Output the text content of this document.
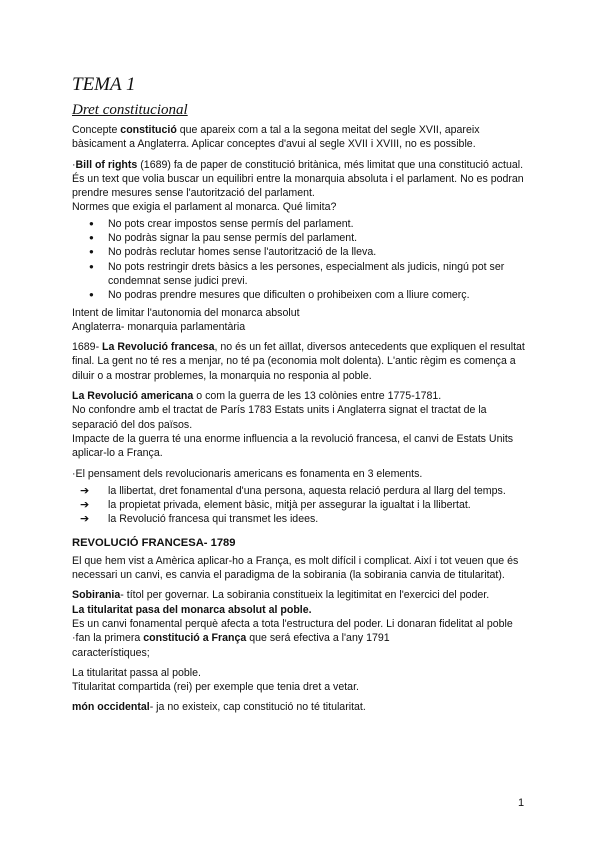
TEMA 1
Dret constitucional

Concepte constitució que apareix com a tal a la segona meitat del segle XVII, apareix bàsicament a Anglaterra. Aplicar conceptes d'avui al segle XVII i XVIII, no es possible.

·Bill of rights (1689) fa de paper de constitució britànica, més limitat que una constitució actual. És un text que volia buscar un equilibri entre la monarquia absoluta i el parlament. No es podran prendre mesures sense l'autorització del parlament.
Normes que exigia el parlament al monarca. Qué limita?

● No pots crear impostos sense permís del parlament.
● No podràs signar la pau sense permís del parlament.
● No podràs reclutar homes sense l'autorització de la lleva.
● No pots restringir drets bàsics a les persones, especialment als judicis, ningú pot ser condemnat sense judici previ.
● No podras prendre mesures que dificulten o prohibeixen com a lliure comerç.

Intent de limitar l'autonomia del monarca absolut
Anglaterra- monarquia parlamentària

1689- La Revolució francesa, no és un fet aïllat, diversos antecedents que expliquen el resultat final. La gent no té res a menjar, no té pa (economia molt dolenta). L'antic règim es comença a diluir o a mostrar problemes, la monarquia no responia al poble.

La Revolució americana o com la guerra de les 13 colònies entre 1775-1781.
No confondre amb el tractat de París 1783 Estats units i Anglaterra signat el tractat de la separació del dos països.
Impacte de la guerra té una enorme influencia a la revolució francesa, el canvi de Estats Units aplicar-lo a França.

·El pensament dels revolucionaris americans es fonamenta en 3 elements.

➔ la llibertat, dret fonamental d'una persona, aquesta relació perdura al llarg del temps.
➔ la propietat privada, element bàsic, mitjà per assegurar la igualtat i la llibertat.
➔ la Revolució francesa qui transmet les idees.
REVOLUCIÓ FRANCESA- 1789

El que hem vist a Amèrica aplicar-ho a França, es molt difícil i complicat. Així i tot veuen que és necessari un canvi, es canvia el paradigma de la sobirania (la sobirania canvia de titularitat).

Sobirania- títol per governar. La sobirania constitueix la legitimitat en l'exercici del poder.
La titularitat pasa del monarca absolut al poble.
Es un canvi fonamental perquè afecta a tota l'estructura del poder. Li donaran fidelitat al poble
·fan la primera constitució a França que será efectiva a l'any 1791
característiques;

La titularitat passa al poble.
Titularitat compartida (rei) per exemple que tenia dret a vetar.

món occidental- ja no existeix, cap constitució no té titularitat.

1
